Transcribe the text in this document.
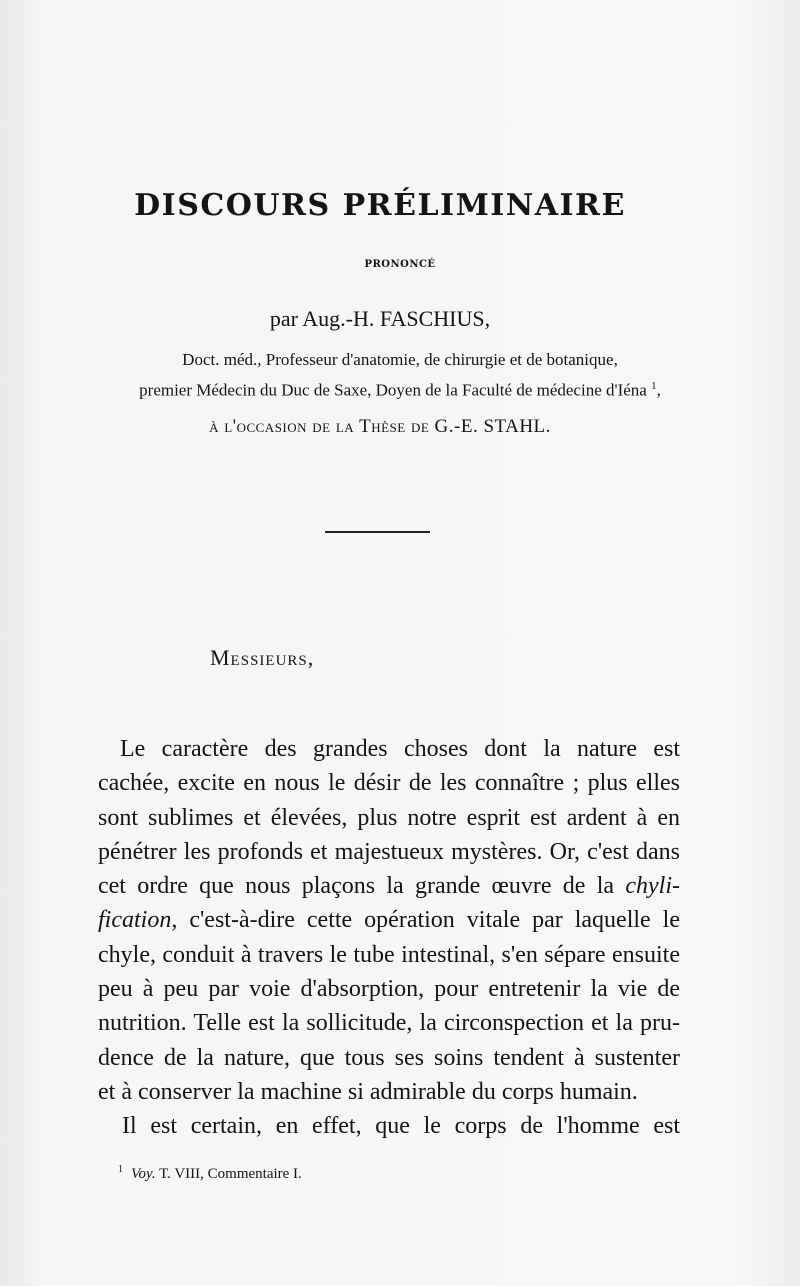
DISCOURS PRÉLIMINAIRE
PRONONCÉ
par Aug.-H. FASCHIUS,
Doct. méd., Professeur d'anatomie, de chirurgie et de botanique,
premier Médecin du Duc de Saxe, Doyen de la Faculté de médecine d'Iéna $^1$,
à l'occasion de la Thèse de G.-E. STAHL.
Messieurs,
Le caractère des grandes choses dont la nature est
cachée, excite en nous le désir de les connaître ; plus elles
sont sublimes et élevées, plus notre esprit est ardent à en
pénétrer les profonds et majestueux mystères. Or, c'est dans
cet ordre que nous plaçons la grande œuvre de la chyli-
fication, c'est-à-dire cette opération vitale par laquelle le
chyle, conduit à travers le tube intestinal, s'en sépare ensuite
peu à peu par voie d'absorption, pour entretenir la vie de
nutrition. Telle est la sollicitude, la circonspection et la pru-
dence de la nature, que tous ses soins tendent à sustenter
et à conserver la machine si admirable du corps humain.
Il est certain, en effet, que le corps de l'homme est
$^1$ Voy. T. VIII, Commentaire I.
